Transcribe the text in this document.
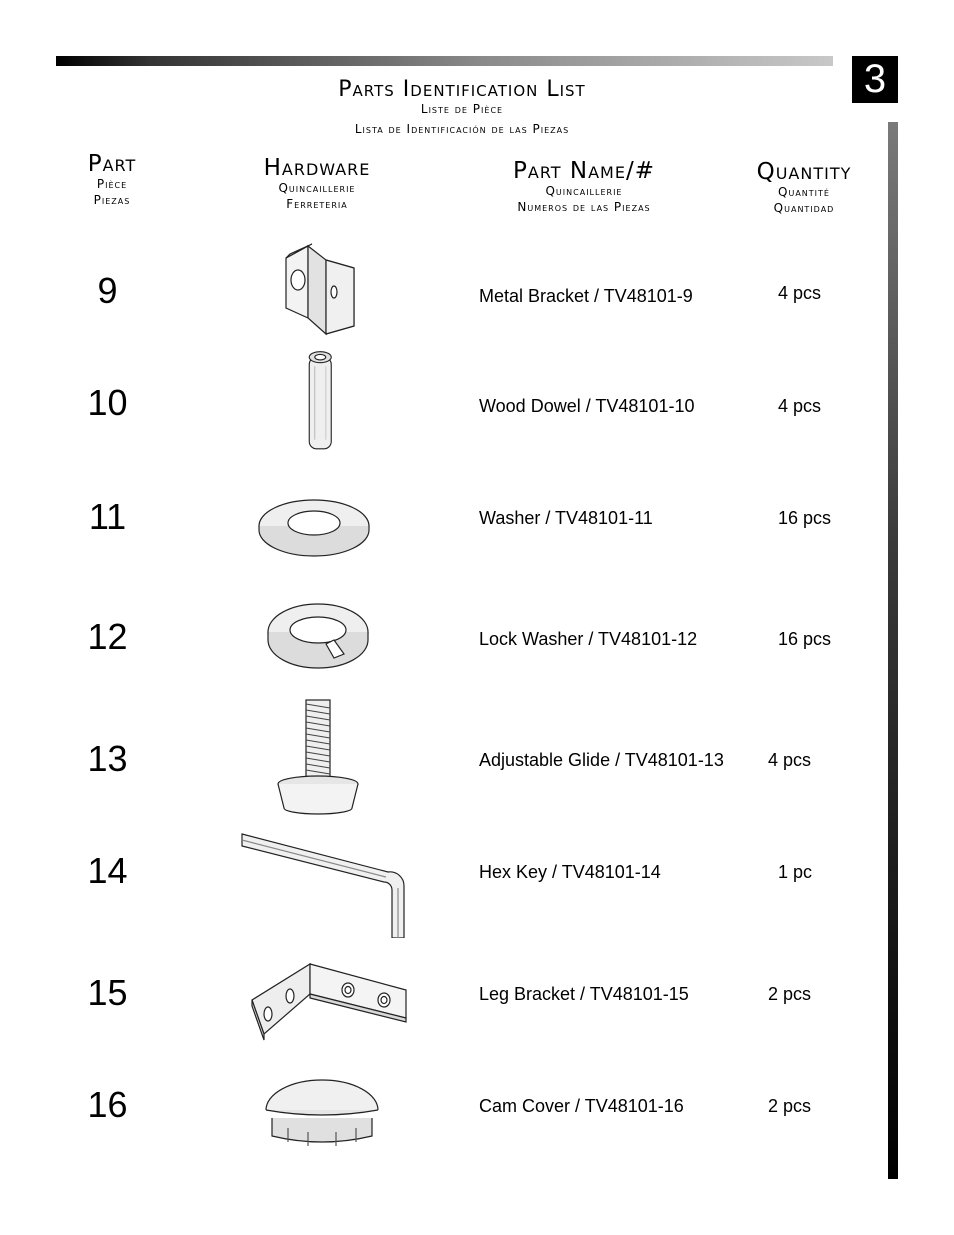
3
Parts Identification List
Liste de Pièce
Lista de Identificación de las Piezas
Part
Pièce
Piezas
Hardware
Quincaillerie
Ferreteria
Part Name/#
Quincaillerie
Numeros de las Piezas
Quantity
Quantité
Quantidad
9	Metal Bracket / TV48101-9	4 pcs
10	Wood Dowel / TV48101-10	4 pcs
11	Washer / TV48101-11	16 pcs
12	Lock Washer / TV48101-12	16 pcs
13	Adjustable Glide / TV48101-13 4 pcs
14	Hex Key / TV48101-14	1 pc
15	Leg Bracket / TV48101-15	2 pcs
16	Cam Cover / TV48101-16	2 pcs
